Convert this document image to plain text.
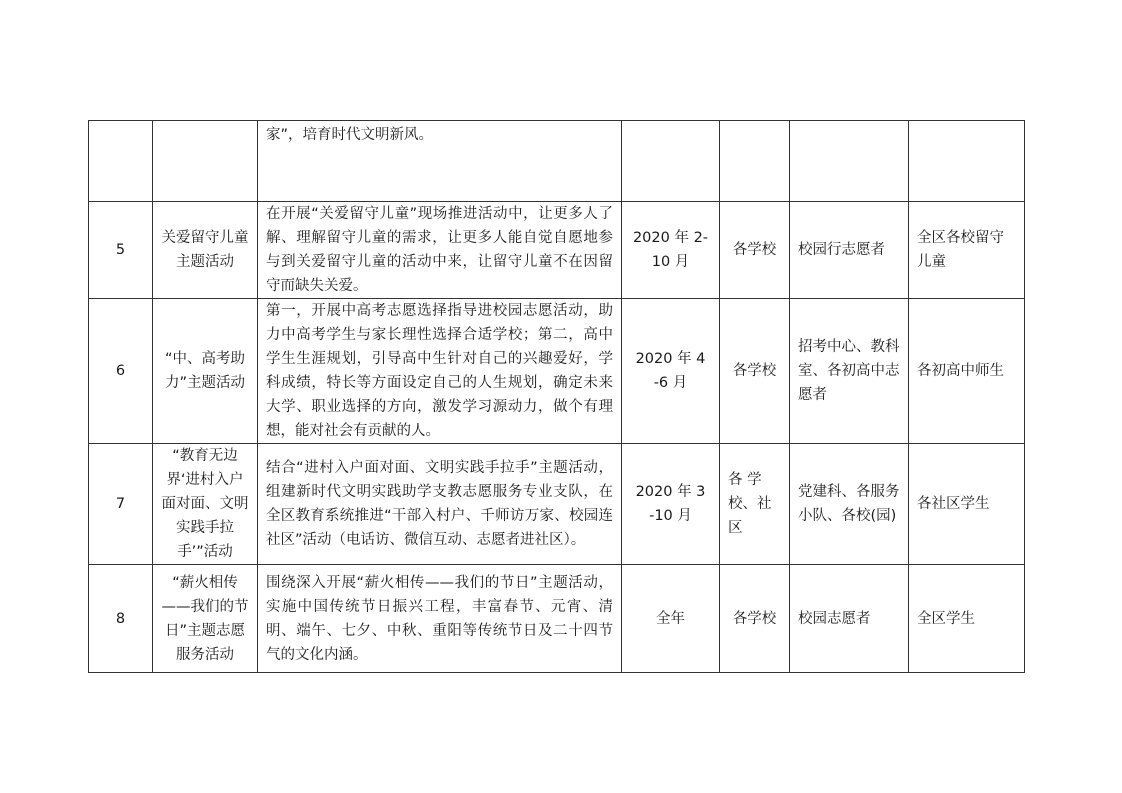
		家”，培育时代文明新风。				
5	关爱留守儿童主题活动	在开展“关爱留守儿童”现场推进活动中，让更多人了解、理解留守儿童的需求，让更多人能自觉自愿地参与到关爱留守儿童的活动中来，让留守儿童不在因留守而缺失关爱。	2020 年 2-10 月	各学校	校园行志愿者	全区各校留守儿童
6	“中、高考助力”主题活动	第一，开展中高考志愿选择指导进校园志愿活动，助力中高考学生与家长理性选择合适学校；第二，高中学生生涯规划，引导高中生针对自己的兴趣爱好，学科成绩，特长等方面设定自己的人生规划，确定未来大学、职业选择的方向，激发学习源动力，做个有理想，能对社会有贡献的人。	2020 年 4 -6 月	各学校	招考中心、教科室、各初高中志愿者	各初高中师生
7	“教育无边界‘进村入户面对面、文明实践手拉手’”活动	结合“进村入户面对面、文明实践手拉手”主题活动，组建新时代文明实践助学支教志愿服务专业支队，在全区教育系统推进“干部入村户、千师访万家、校园连社区”活动（电话访、微信互动、志愿者进社区）。	2020 年 3 -10 月	各 学 校、社 区	党建科、各服务小队、各校(园)	各社区学生
8	“薪火相传——我们的节日”主题志愿服务活动	围绕深入开展“薪火相传——我们的节日”主题活动，实施中国传统节日振兴工程，丰富春节、元宵、清明、端午、七夕、中秋、重阳等传统节日及二十四节气的文化内涵。	全年	各学校	校园志愿者	全区学生
